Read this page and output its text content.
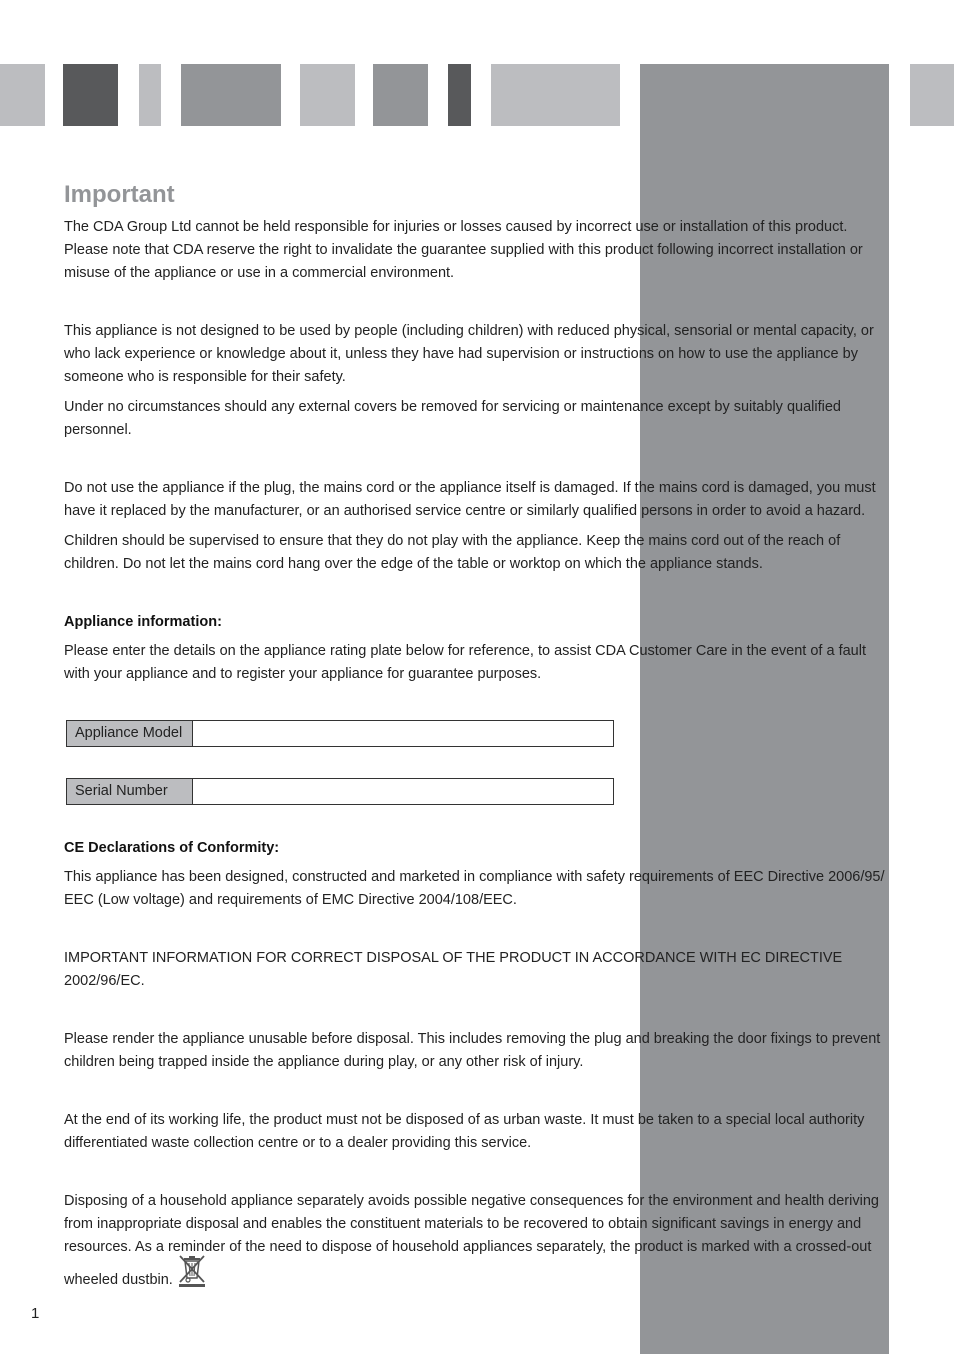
Important

The CDA Group Ltd cannot be held responsible for injuries or losses caused by incorrect use or installation of this product. Please note that CDA reserve the right to invalidate the guarantee supplied with this product following incorrect installation or misuse of the appliance or use in a commercial environment.

This appliance is not designed to be used by people (including children) with reduced physical, sensorial or mental capacity, or who lack experience or knowledge about it, unless they have had supervision or instructions on how to use the appliance by someone who is responsible for their safety.

Under no circumstances should any external covers be removed for servicing or maintenance except by suitably qualified personnel.

Do not use the appliance if the plug, the mains cord or the appliance itself is damaged. If the mains cord is damaged, you must have it replaced by the manufacturer, or an authorised service centre or similarly qualified persons in order to avoid a hazard.

Children should be supervised to ensure that they do not play with the appliance. Keep the mains cord out of the reach of children. Do not let the mains cord hang over the edge of the table or worktop on which the appliance stands.

Appliance information:

Please enter the details on the appliance rating plate below for reference, to assist CDA Customer Care in the event of a fault with your appliance and to register your appliance for guarantee purposes.

Appliance Model
Serial Number
CE Declarations of Conformity:

This appliance has been designed, constructed and marketed in compliance with safety requirements of EEC Directive 2006/95/ EEC (Low voltage) and requirements of EMC Directive 2004/108/EEC.

IMPORTANT INFORMATION FOR CORRECT DISPOSAL OF THE PRODUCT IN ACCORDANCE WITH EC DIRECTIVE 2002/96/EC.

Please render the appliance unusable before disposal. This includes removing the plug and breaking the door fixings to prevent children being trapped inside the appliance during play, or any other risk of injury.

At the end of its working life, the product must not be disposed of as urban waste. It must be taken to a special local authority differentiated waste collection centre or to a dealer providing this service.

Disposing of a household appliance separately avoids possible negative consequences for the environment and health deriving from inappropriate disposal and enables the constituent materials to be recovered to obtain significant savings in energy and resources. As a reminder of the need to dispose of household appliances separately, the product is marked with a crossed-out wheeled dustbin.

1
